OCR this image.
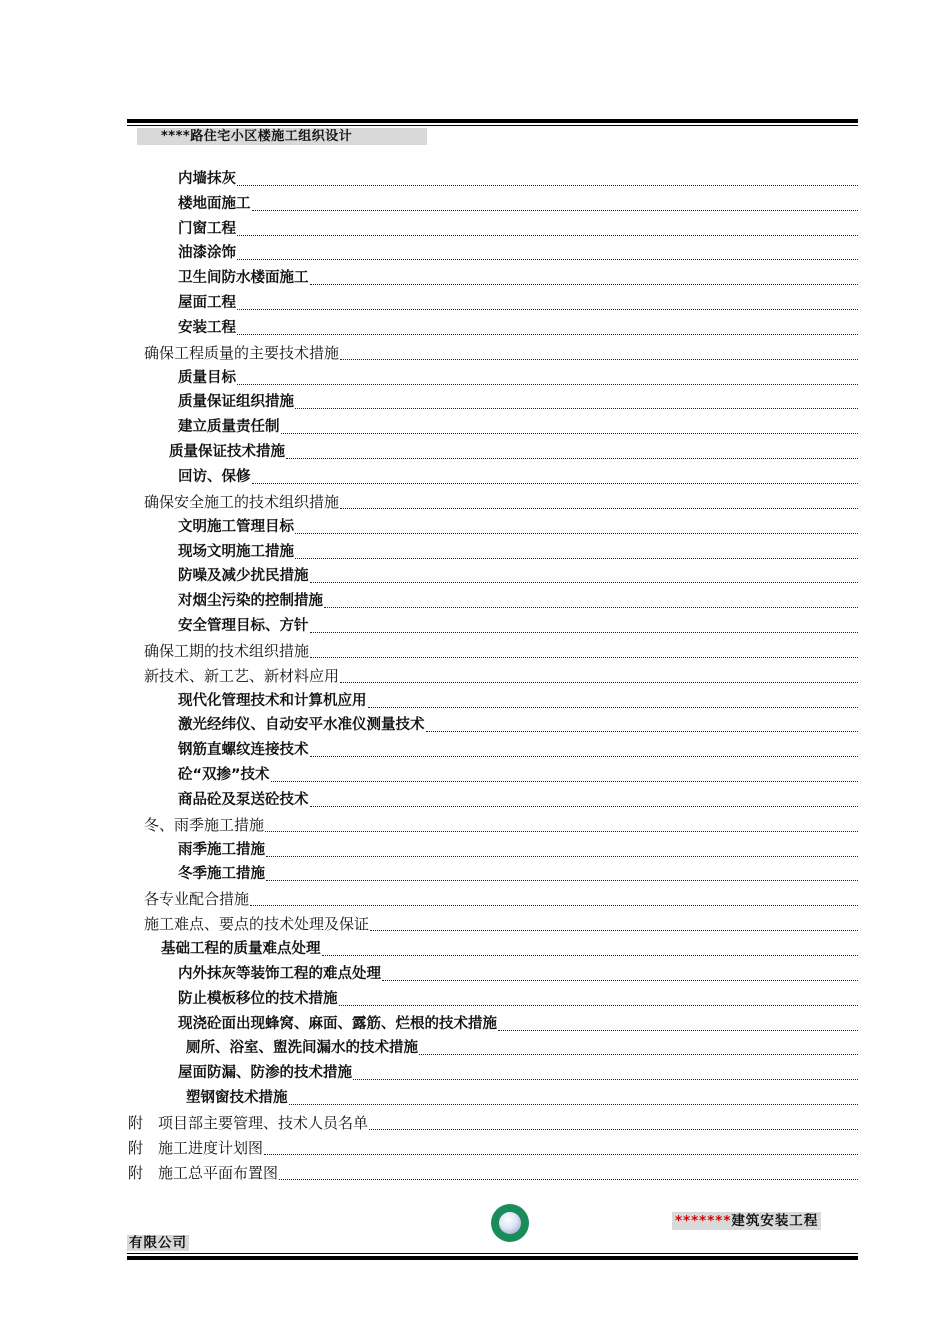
****路住宅小区楼施工组织设计
内墙抹灰
楼地面施工
门窗工程
油漆涂饰
卫生间防水楼面施工
屋面工程
安装工程
确保工程质量的主要技术措施
质量目标
质量保证组织措施
建立质量责任制
质量保证技术措施
回访、保修
确保安全施工的技术组织措施
文明施工管理目标
现场文明施工措施
防噪及减少扰民措施
对烟尘污染的控制措施
安全管理目标、方针
确保工期的技术组织措施
新技术、新工艺、新材料应用
现代化管理技术和计算机应用
激光经纬仪、自动安平水准仪测量技术
钢筋直螺纹连接技术
砼“双掺”技术
商品砼及泵送砼技术
冬、雨季施工措施
雨季施工措施
冬季施工措施
各专业配合措施
施工难点、要点的技术处理及保证
基础工程的质量难点处理
内外抹灰等装饰工程的难点处理
防止模板移位的技术措施
现浇砼面出现蜂窝、麻面、露筋、烂根的技术措施
厕所、浴室、盥洗间漏水的技术措施
屋面防漏、防渗的技术措施
塑钢窗技术措施
附　项目部主要管理、技术人员名单
附　施工进度计划图
附　施工总平面布置图
*******建筑安装工程
有限公司
